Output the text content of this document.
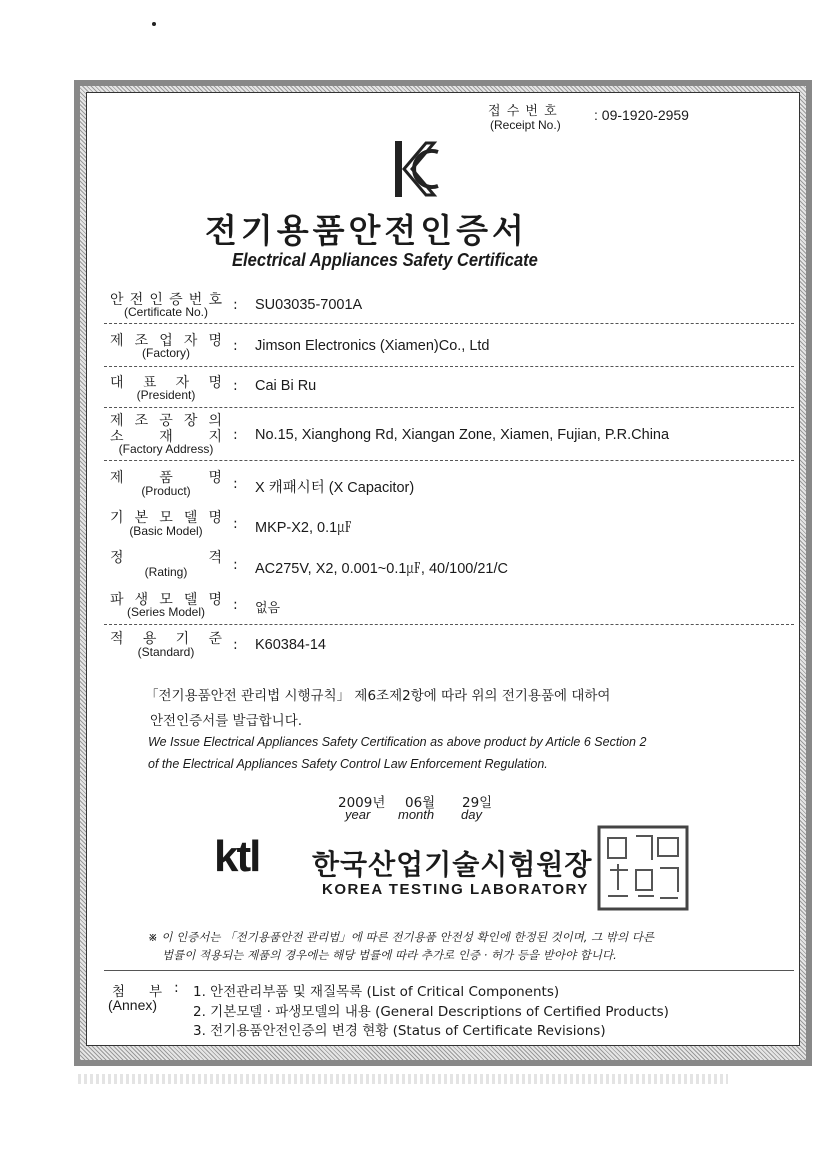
접 수 번 호
(Receipt No.)
: 09-1920-2959
전기용품안전인증서
Electrical Appliances Safety Certificate
안 전 인 증 번 호
(Certificate No.)	: SU03035-7001A
제 조 업 자 명
(Factory)	: Jimson Electronics (Xiamen)Co., Ltd
대 표 자 명
(President)
: Cai Bi Ru
제 조 공 장 의
소	재	지
(Factory Address)
: No.15, Xianghong Rd, Xiangan Zone, Xiamen, Fujian, P.R.China
제	품	명
(Product)	: X 캐패시터 (X Capacitor)
기 본 모 델 명
(Basic Model)	: MKP-X2, 0.1㎌
정	격
(Rating)	: AC275V, X2, 0.001~0.1㎌, 40/100/21/C
파 생 모 델 명
(Series Model)	: 없음
적 용 기 준
(Standard)	: K60384-14
「전기용품안전 관리법 시행규칙」 제6조제2항에 따라 위의 전기용품에 대하여
안전인증서를 발급합니다.
We Issue Electrical Appliances Safety Certification as above product by Article 6 Section 2
of the Electrical Appliances Safety Control Law Enforcement Regulation.
2009년 06월 29일
year month day
ktl 한국산업기술시험원장
KOREA TESTING LABORATORY
※ 이 인증서는 「전기용품안전 관리법」에 따른 전기용품 안전성 확인에 한정된 것이며, 그 밖의 다른
법률이 적용되는 제품의 경우에는 해당 법률에 따라 추가로 인증 · 허가 등을 받아야 합니다.
첨 부
(Annex)
: 1. 안전관리부품 및 재질목록 (List of Critical Components)
2. 기본모델 · 파생모델의 내용 (General Descriptions of Certified Products)
3. 전기용품안전인증의 변경 현황 (Status of Certificate Revisions)
